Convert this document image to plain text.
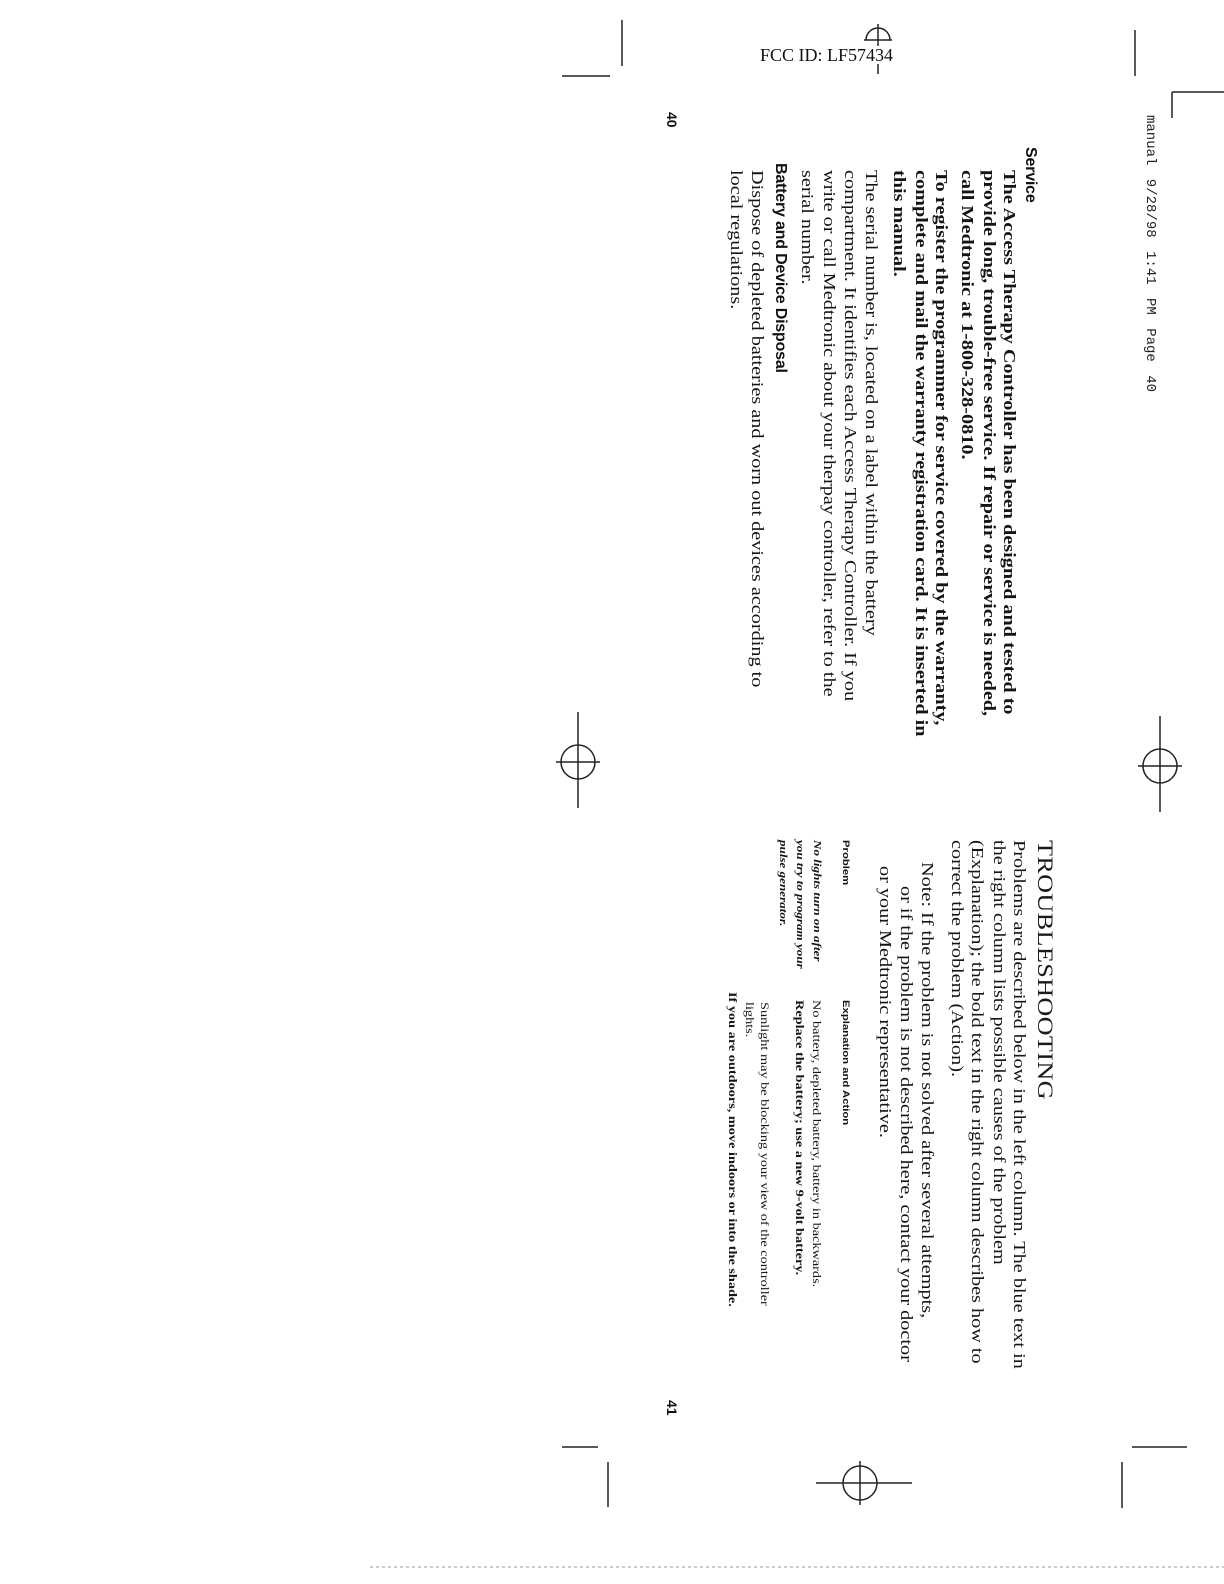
manual 9/28/98 1:41 PM Page 40
Service
The Access Therapy Controller has been designed and tested to
provide long, trouble-free service. If repair or service is needed,
call Medtronic at 1-800-328-0810.
To register the programmer for service covered by the warranty,
complete and mail the warranty registration card. It is inserted in
this manual.
The serial number is, located on a label within the battery
compartment. It identifies each Access Therapy Controller. If you
write or call Medtronic about your therpay controller, refer to the
serial number.
Battery and Device Disposal
Dispose of depleted batteries and worn out devices according to
local regulations.
40
TROUBLESHOOTING
Problems are described below in the left column. The blue text in
the right column lists possible causes of the problem
(Explanation); the bold text in the right column describes how to
correct the problem (Action).
Note: If the problem is not solved after several attempts,
or if the problem is not described here, contact your doctor
or your Medtronic representative.
Problem
Explanation and Action
No lights turn on after
you try to program your
pulse generator.
No battery, depleted battery, battery in backwards.
Replace the battery; use a new 9-volt battery.
Sunlight may be blocking your view of the controller
lights.
If you are outdoors, move indoors or into the shade.
41
FCC ID: LF57434
